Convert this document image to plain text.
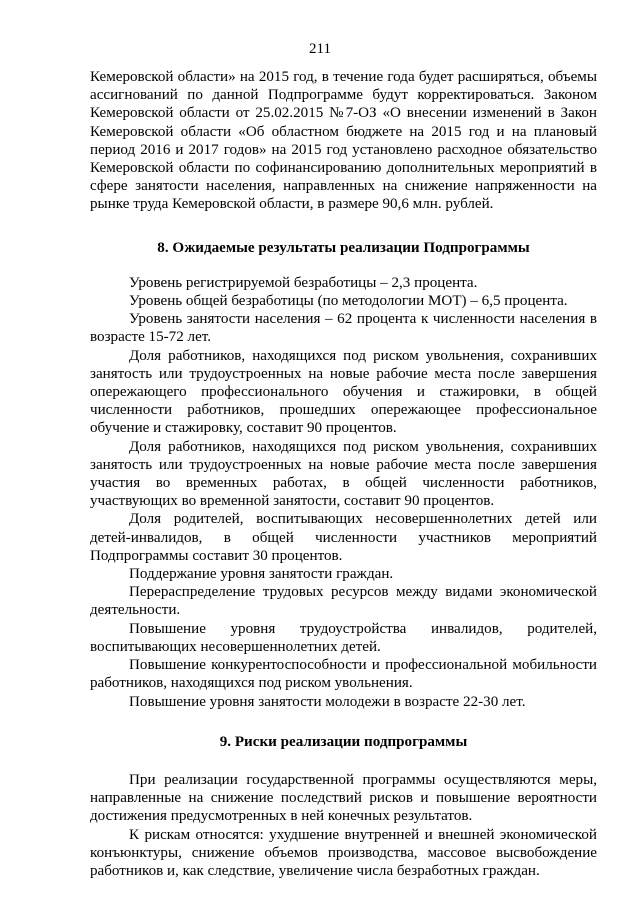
211

Кемеровской области» на 2015 год, в течение года будет расширяться, объемы ассигнований по данной Подпрограмме будут корректироваться. Законом Кемеровской области от 25.02.2015 №7-ОЗ «О внесении изменений в Закон Кемеровской области «Об областном бюджете на 2015 год и на плановый период 2016 и 2017 годов» на 2015 год установлено расходное обязательство Кемеровской области по софинансированию дополнительных мероприятий в сфере занятости населения, направленных на снижение напряженности на рынке труда Кемеровской области, в размере 90,6 млн. рублей.

8. Ожидаемые результаты реализации Подпрограммы

Уровень регистрируемой безработицы – 2,3 процента.

Уровень общей безработицы (по методологии МОТ) – 6,5 процента.

Уровень занятости населения – 62 процента к численности населения в возрасте 15-72 лет.

Доля работников, находящихся под риском увольнения, сохранивших занятость или трудоустроенных на новые рабочие места после завершения опережающего профессионального обучения и стажировки, в общей численности работников, прошедших опережающее профессиональное обучение и стажировку, составит 90 процентов.

Доля работников, находящихся под риском увольнения, сохранивших занятость или трудоустроенных на новые рабочие места после завершения участия во временных работах, в общей численности работников, участвующих во временной занятости, составит 90 процентов.

Доля родителей, воспитывающих несовершеннолетних детей или детей-инвалидов, в общей численности участников мероприятий Подпрограммы составит 30 процентов.

Поддержание уровня занятости граждан.

Перераспределение трудовых ресурсов между видами экономической деятельности.

Повышение уровня трудоустройства инвалидов, родителей, воспитывающих несовершеннолетних детей.

Повышение конкурентоспособности и профессиональной мобильности работников, находящихся под риском увольнения.

Повышение уровня занятости молодежи в возрасте 22-30 лет.

9. Риски реализации подпрограммы

При реализации государственной программы осуществляются меры, направленные на снижение последствий рисков и повышение вероятности достижения предусмотренных в ней конечных результатов.

К рискам относятся: ухудшение внутренней и внешней экономической конъюнктуры, снижение объемов производства, массовое высвобождение работников и, как следствие, увеличение числа безработных граждан.
